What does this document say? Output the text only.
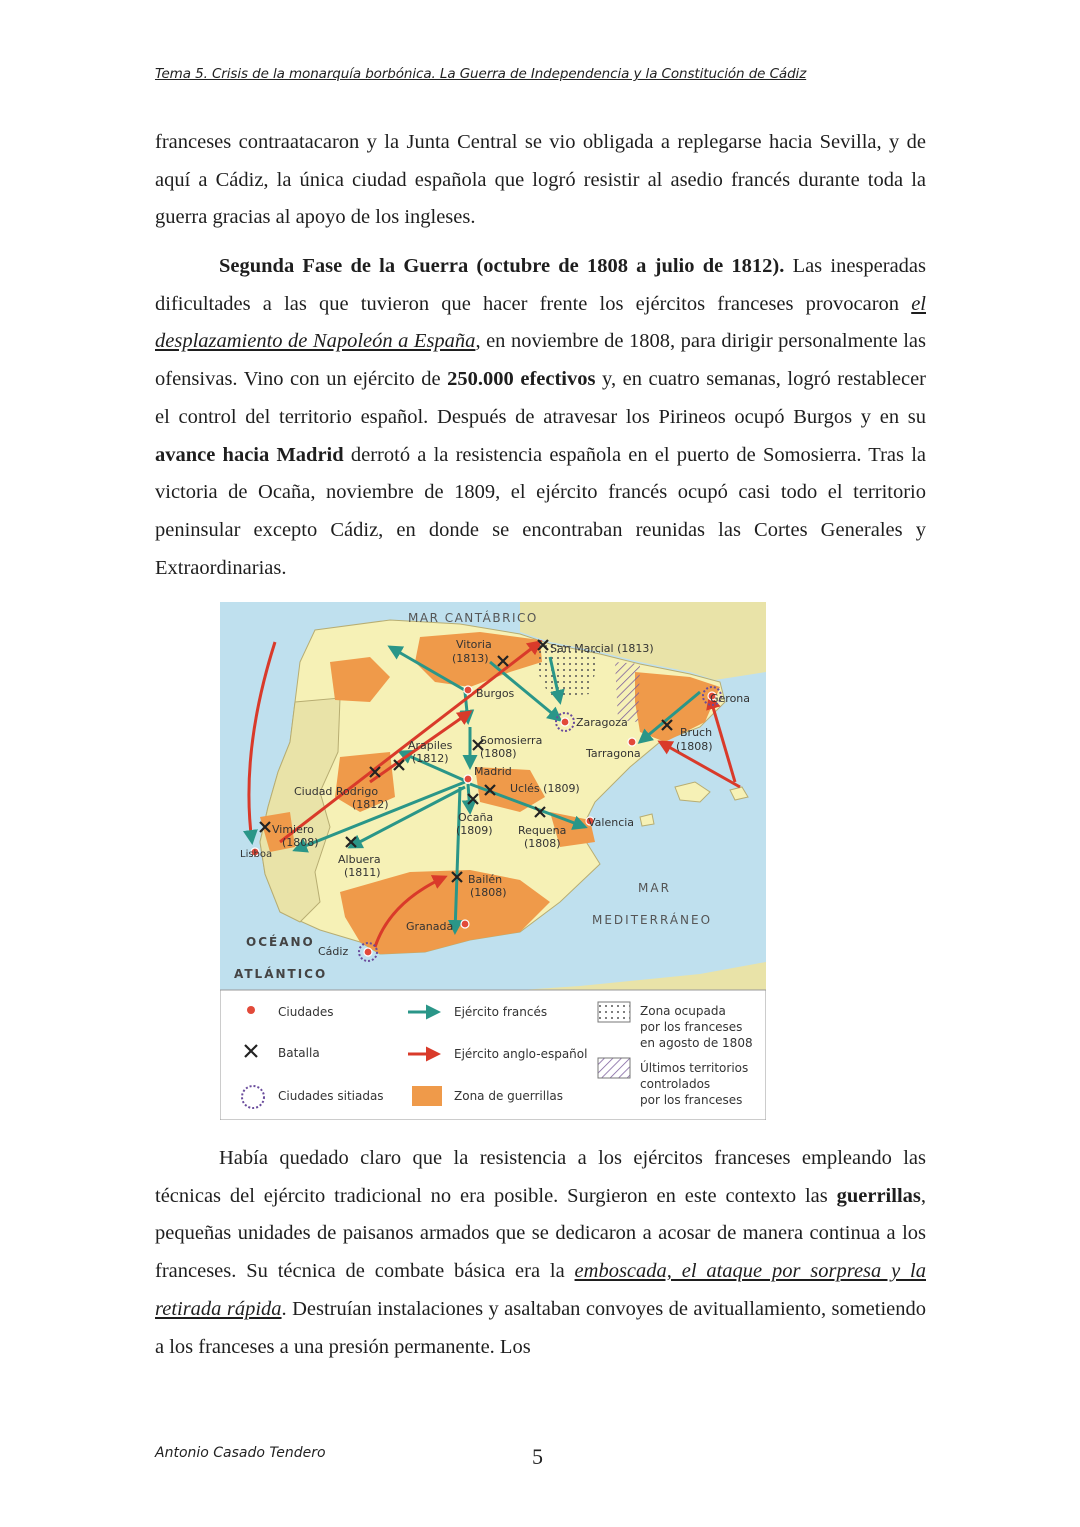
Tema 5. Crisis de la monarquía borbónica. La Guerra de Independencia y la Constitución de Cádiz

franceses contraatacaron y la Junta Central se vio obligada a replegarse hacia Sevilla, y de aquí a Cádiz, la única ciudad española que logró resistir al asedio francés durante toda la guerra gracias al apoyo de los ingleses.

Segunda Fase de la Guerra (octubre de 1808 a julio de 1812). Las inesperadas dificultades a las que tuvieron que hacer frente los ejércitos franceses provocaron el desplazamiento de Napoleón a España, en noviembre de 1808, para dirigir personalmente las ofensivas. Vino con un ejército de 250.000 efectivos y, en cuatro semanas, logró restablecer el control del territorio español. Después de atravesar los Pirineos ocupó Burgos y en su avance hacia Madrid derrotó a la resistencia española en el puerto de Somosierra. Tras la victoria de Ocaña, noviembre de 1809, el ejército francés ocupó casi todo el territorio peninsular excepto Cádiz, en donde se encontraban reunidas las Cortes Generales y Extraordinarias.

MAR CANTÁBRICO
Vitoria
(1813)
San Marcial (1813)
Burgos
Zaragoza
Gerona
Bruch
(1808)
Tarragona
Somosierra
(1808)
Arapiles
(1812)
Madrid
Uclés (1809)
Ciudad Rodrigo
(1812)
Ocaña
(1809) Requena
(1808)
Valencia
Vimiero
(1808)
Lisboa	Albuera
(1811)
Bailén
(1808)
Granada
Cádiz
MAR
MEDITERRÁNEO
OCÉANO
ATLÁNTICO
Ciudades
Batalla
Ciudades sitiadas
Ejército francés
Ejército anglo-español
Zona de guerrillas
Zona ocupada
por los franceses
en agosto de 1808
Últimos territorios
controlados
por los franceses

Había quedado claro que la resistencia a los ejércitos franceses empleando las técnicas del ejército tradicional no era posible. Surgieron en este contexto las guerrillas, pequeñas unidades de paisanos armados que se dedicaron a acosar de manera continua a los franceses. Su técnica de combate básica era la emboscada, el ataque por sorpresa y la retirada rápida. Destruían instalaciones y asaltaban convoyes de avituallamiento, sometiendo a los franceses a una presión permanente. Los

Antonio Casado Tendero	5
